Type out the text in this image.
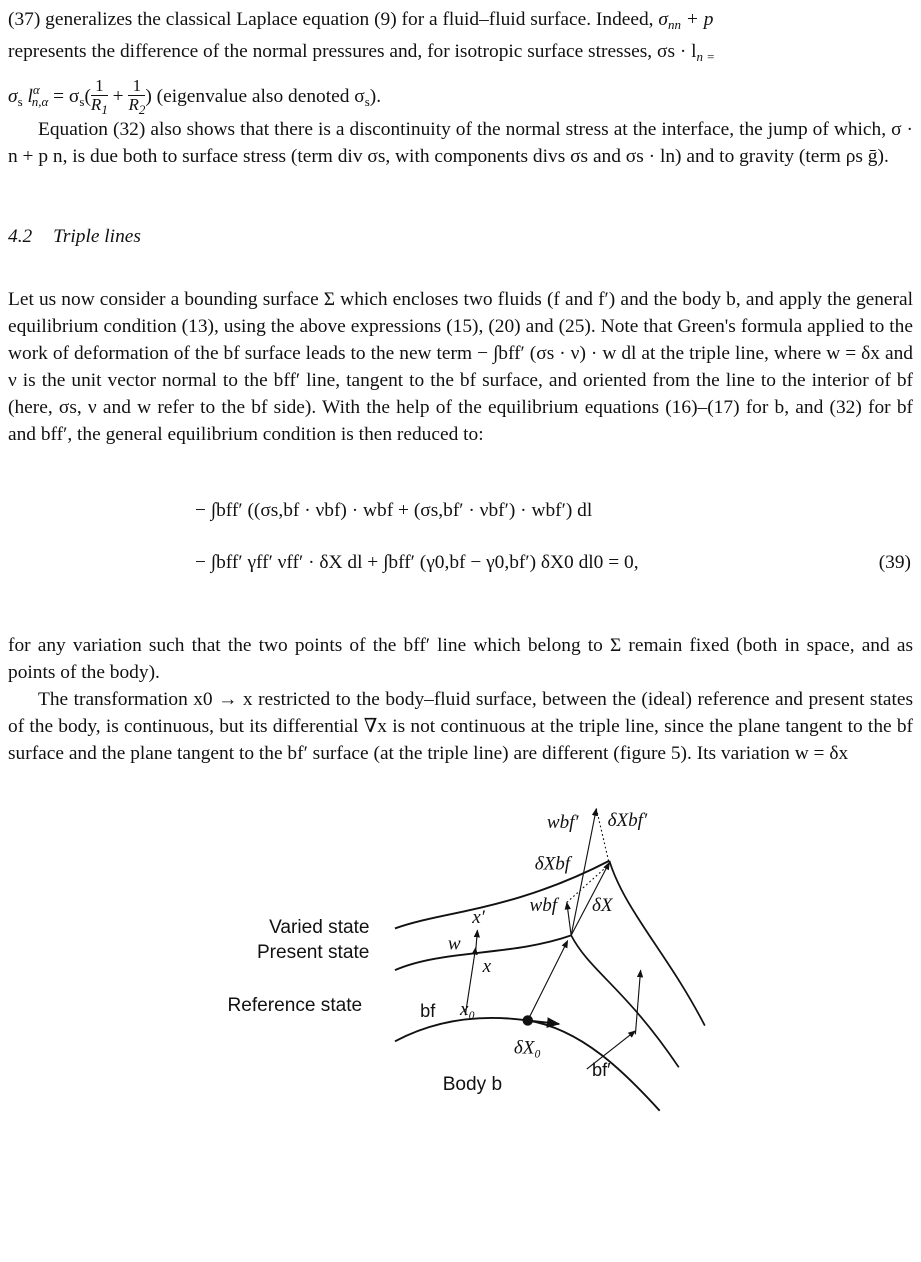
(37) generalizes the classical Laplace equation (9) for a fluid–fluid surface. Indeed, $\sigma_{nn} + p$
represents the difference of the normal pressures and, for isotropic surface stresses, $\sigma s \cdot l_{n =}$
$\sigma_s$ $l^\alpha_{n,\alpha} = \sigma_s( \frac{1}{R_1} + \frac{1}{R_2}$ ) (eigenvalue also denoted $\sigma_s$).

Equation (32) also shows that there is a discontinuity of the normal stress at the interface, the jump of which, σ · n + p n, is due both to surface stress (term div σs, with components divs σs and σs · ln) and to gravity (term ρs ḡ).

4.2 Triple lines

Let us now consider a bounding surface Σ which encloses two fluids (f and f′) and the body b, and apply the general equilibrium condition (13), using the above expressions (15), (20) and (25). Note that Green's formula applied to the work of deformation of the bf surface leads to the new term − ∫bff′ (σs · ν) · w dl at the triple line, where w = δx and ν is the unit vector normal to the bff′ line, tangent to the bf surface, and oriented from the line to the interior of bf (here, σs, ν and w refer to the bf side). With the help of the equilibrium equations (16)–(17) for b, and (32) for bf and bff′, the general equilibrium condition is then reduced to:

− ∫bff′ ((σs,bf · νbf) · wbf + (σs,bf′ · νbf′) · wbf′) dl
− ∫bff′ γff′ νff′ · δX dl + ∫bff′ (γ0,bf − γ0,bf′) δX0 dl0 = 0,	(39)

for any variation such that the two points of the bff′ line which belong to Σ remain fixed (both in space, and as points of the body).

The transformation x0 → x restricted to the body–fluid surface, between the (ideal) reference and present states of the body, is continuous, but its differential ∇x is not continuous at the triple line, since the plane tangent to the bf surface and the plane tangent to the bf′ surface (at the triple line) are different (figure 5). Its variation w = δx

Varied state
Present state
Reference state	bf
bf′
Body b
x₀
x
x′
w
wbf
wbf′
δXbf
δXbf′
δX
δX₀
